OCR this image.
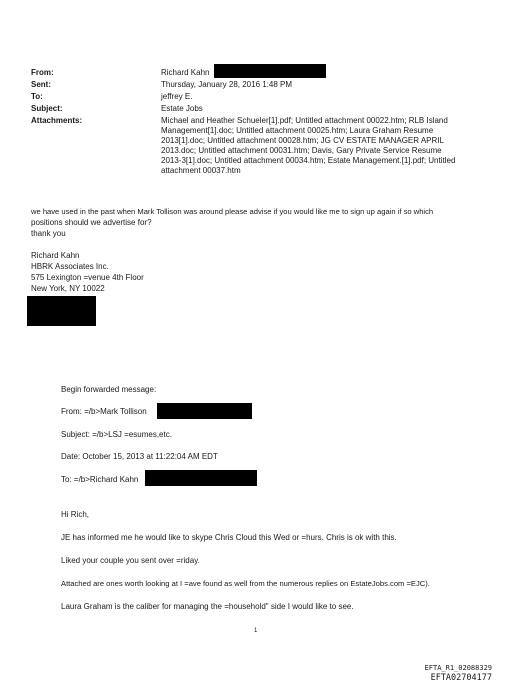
From:	Richard Kahn
Sent:	Thursday, January 28, 2016 1:48 PM
To:	jeffrey E.
Subject:	Estate Jobs
Attachments:	Michael and Heather Schueler[1].pdf; Untitled attachment 00022.htm; RLB Island
Management[1].doc; Untitled attachment 00025.htm; Laura Graham Resume
2013[1].doc; Untitled attachment 00028.htm; JG CV ESTATE MANAGER APRIL
2013.doc; Untitled attachment 00031.htm; Davis, Gary Private Service Resume
2013-3[1].doc; Untitled attachment 00034.htm; Estate Management.[1].pdf; Untitled
attachment 00037.htm
we have used in the past when Mark Tollison was around please advise if you would like me to sign up again if so which
positions should we advertise for?
thank you
Richard Kahn
HBRK Associates Inc.
575 Lexington =venue 4th Floor
New York, NY 10022
Begin forwarded message:
From: =/b>Mark Tollison
Subject: =/b>LSJ =esumes,etc.
Date: October 15, 2013 at 11:22:04 AM EDT
To: =/b>Richard Kahn
Hi Rich,
JE has informed me he would like to skype Chris Cloud this Wed or =hurs. Chris is ok with this.
Liked your couple you sent over =riday.
Attached are ones worth looking at I =ave found as well from the numerous replies on EstateJobs.com =EJC).
Laura Graham is the caliber for managing the =household" side I would like to see.
1
EFTA_R1_02088329
EFTA02704177
